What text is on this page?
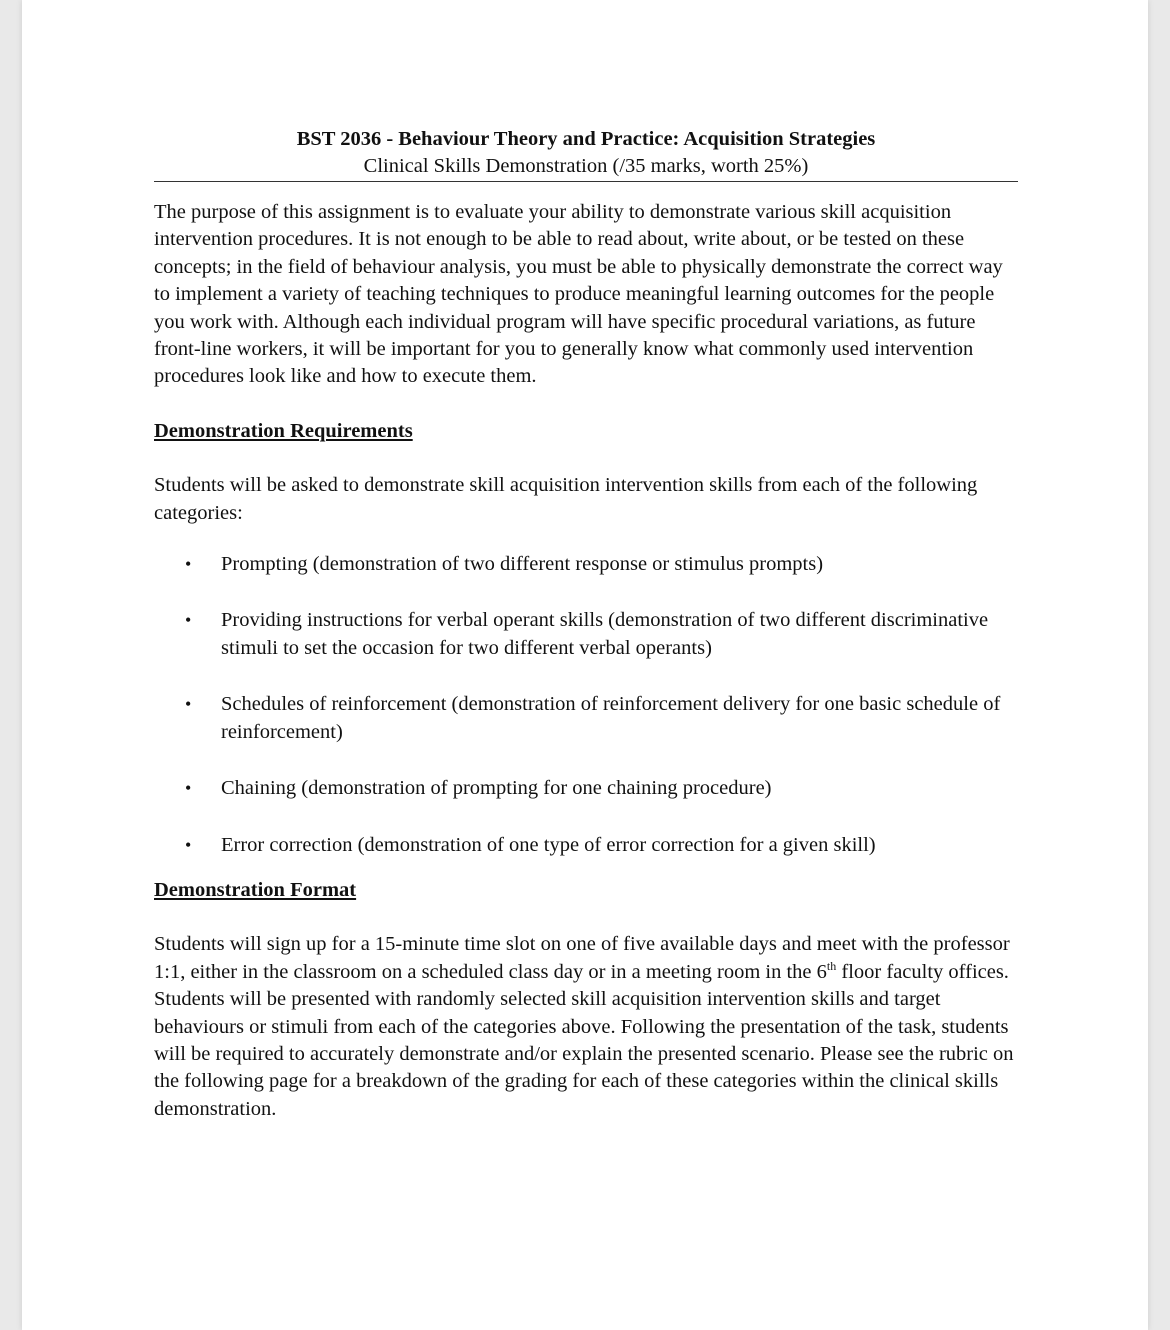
BST 2036 - Behaviour Theory and Practice: Acquisition Strategies
Clinical Skills Demonstration (/35 marks, worth 25%)

The purpose of this assignment is to evaluate your ability to demonstrate various skill acquisition intervention procedures. It is not enough to be able to read about, write about, or be tested on these concepts; in the field of behaviour analysis, you must be able to physically demonstrate the correct way to implement a variety of teaching techniques to produce meaningful learning outcomes for the people you work with. Although each individual program will have specific procedural variations, as future front-line workers, it will be important for you to generally know what commonly used intervention procedures look like and how to execute them.

Demonstration Requirements

Students will be asked to demonstrate skill acquisition intervention skills from each of the following categories:

• Prompting (demonstration of two different response or stimulus prompts)
• Providing instructions for verbal operant skills (demonstration of two different discriminative stimuli to set the occasion for two different verbal operants)
• Schedules of reinforcement (demonstration of reinforcement delivery for one basic schedule of reinforcement)
• Chaining (demonstration of prompting for one chaining procedure)
• Error correction (demonstration of one type of error correction for a given skill)
Demonstration Format

Students will sign up for a 15-minute time slot on one of five available days and meet with the professor 1:1, either in the classroom on a scheduled class day or in a meeting room in the 6th floor faculty offices. Students will be presented with randomly selected skill acquisition intervention skills and target behaviours or stimuli from each of the categories above. Following the presentation of the task, students will be required to accurately demonstrate and/or explain the presented scenario. Please see the rubric on the following page for a breakdown of the grading for each of these categories within the clinical skills demonstration.
